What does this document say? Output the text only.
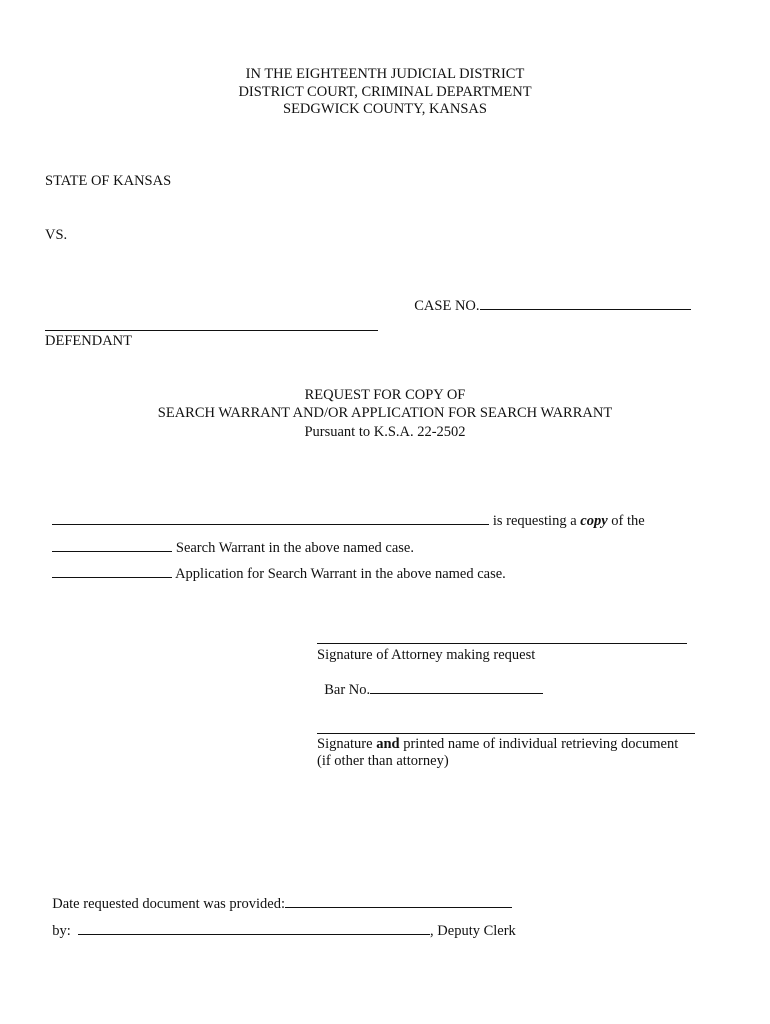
IN THE EIGHTEENTH JUDICIAL DISTRICT
DISTRICT COURT, CRIMINAL DEPARTMENT
SEDGWICK COUNTY, KANSAS
STATE OF KANSAS
VS.

CASE NO.

DEFENDANT
REQUEST FOR COPY OF
SEARCH WARRANT AND/OR APPLICATION FOR SEARCH WARRANT
Pursuant to K.S.A. 22-2502

is requesting a copy of the

Search Warrant in the above named case.

Application for Search Warrant in the above named case.

Signature of Attorney making request

Bar No.

Signature and printed name of individual retrieving document
(if other than attorney)

Date requested document was provided:

by:	, Deputy Clerk
